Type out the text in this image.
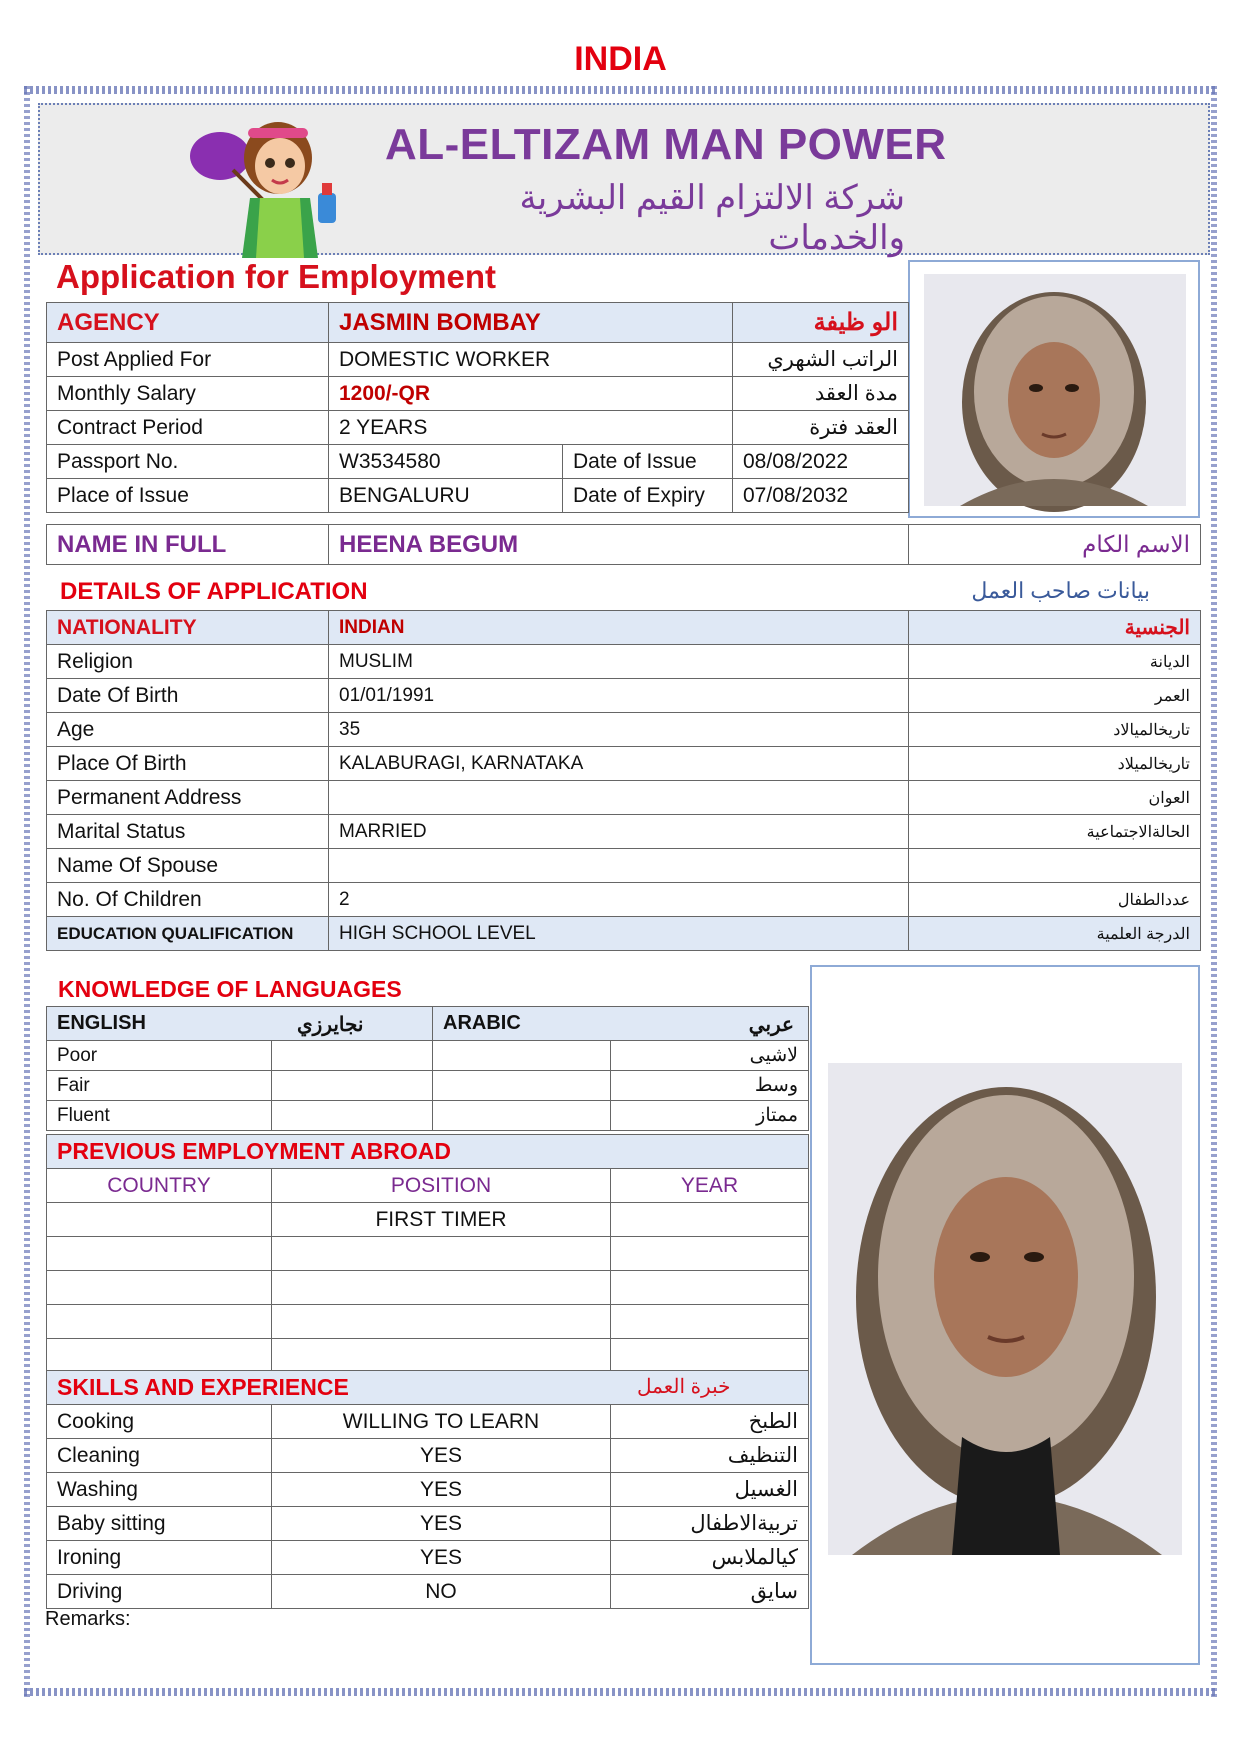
INDIA
AL-ELTIZAM MAN POWER
شركة الالتزام القيم البشرية والخدمات
Application for Employment
AGENCY	JASMIN BOMBAY		الو ظيفة
Post Applied For	DOMESTIC WORKER		الراتب الشهري
Monthly Salary	1200/-QR		مدة العقد
Contract Period	2 YEARS		العقد فترة
Passport No.	W3534580	Date of Issue	08/08/2022
Place of Issue	BENGALURU	Date of Expiry	07/08/2032
NAME IN FULL	HEENA BEGUM	الاسم الكام
DETAILS OF APPLICATION	بيانات صاحب العمل
NATIONALITY	INDIAN	الجنسية
Religion	MUSLIM	الديانة
Date Of Birth	01/01/1991	العمر
Age	35	تاريخالميالاد
Place Of Birth	KALABURAGI, KARNATAKA	تاريخالميلاد
Permanent Address		العوان
Marital Status	MARRIED	الحالةالاجتماعية
Name Of Spouse		
No. Of Children	2	عددالطفال
EDUCATION QUALIFICATION	HIGH SCHOOL LEVEL	الدرجة العلمية
KNOWLEDGE OF LANGUAGES
ENGLISH نجايرزي		ARABIC عربي	

Poor			لاشيى
Fair			وسط
Fluent			ممتاز
PREVIOUS EMPLOYMENT ABROAD		
COUNTRY	POSITION	YEAR
	FIRST TIMER	

SKILLS AND EXPERIENCE خبرة العمل		

Cooking	WILLING TO LEARN	الطبخ
Cleaning	YES	التنظيف
Washing	YES	الغسيل
Baby sitting	YES	تربيةالاطفال
Ironing	YES	كيالملابس
Driving	NO	سايق
Remarks:
